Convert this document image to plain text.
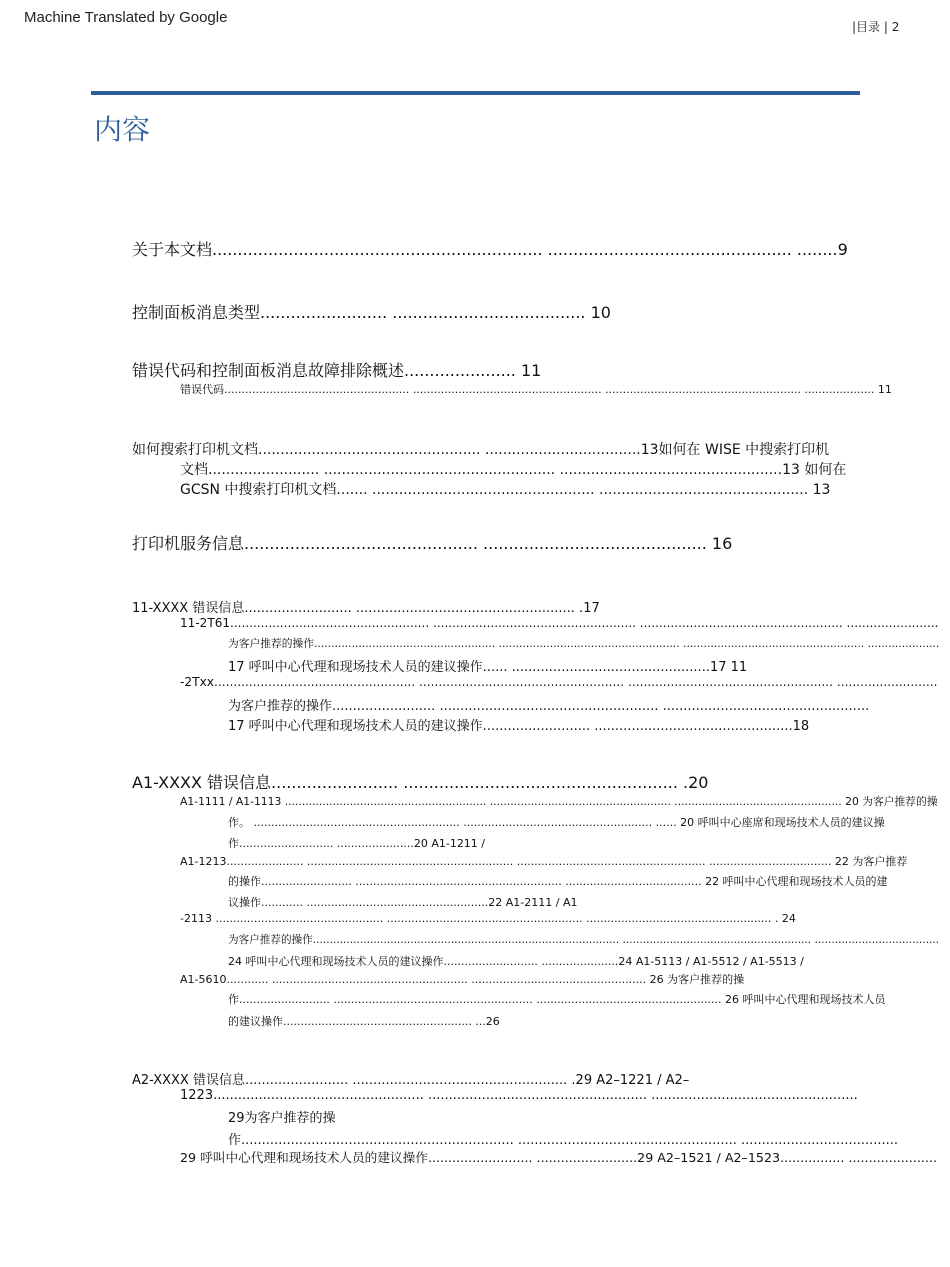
Machine Translated by Google
|目录 | 2
内容
关于本文档................................................................. ................................................ ........9
控制面板消息类型......................... ...................................... 10
错误代码和控制面板消息故障排除概述...................... 11
错误代码..................................................... ...................................................... ........................................................ .................... 11
如何搜索打印机文档.................................................. ...................................13如何在 WISE 中搜索打印机
文档......................... .................................................... ..................................................13 如何在
GCSN 中搜索打印机文档....... .................................................. ............................................... 13
打印机服务信息.............................................. ............................................ 16
11-XXXX 错误信息.......................... ..................................................... .17
11-2T61.................................................... ..................................................... ..................................................... ........................
为客户推荐的操作..................................................... ..................................................... ..................................................... .....................
17 呼叫中心代理和现场技术人员的建议操作...... ................................................17 11
-2Txx.................................................... ..................................................... ..................................................... ..........................
为客户推荐的操作......................... ..................................................... ..................................................
17 呼叫中心代理和现场技术人员的建议操作.......................... ................................................18
A1-XXXX 错误信息......................... ...................................................... .20
A1-1111 / A1-1113 ........................................................... ..................................................... ................................................. 20 为客户推荐的操
作。 ........................................................... ...................................................... ...... 20 呼叫中心座席和现场技术人员的建议操
作........................... ......................20 A1-1211 /
A1-1213...................... ........................................................... ...................................................... ................................... 22 为客户推荐
的操作.......................... ........................................................... ....................................... 22 呼叫中心代理和现场技术人员的建
议操作............ ....................................................22 A1-2111 / A1
-2113 ................................................ ........................................................ ..................................................... . 24
为客户推荐的操作........................................................................................... ........................................................ .....................................
24 呼叫中心代理和现场技术人员的建议操作........................... ......................24 A1-5113 / A1-5512 / A1-5513 /
A1-5610............ ........................................................ .................................................. 26 为客户推荐的操
作.......................... ......................................................... ..................................................... 26 呼叫中心代理和现场技术人员
的建议操作...................................................... ...26
A2-XXXX 错误信息......................... .................................................... .29 A2–1221 / A2–
1223................................................... ..................................................... ..................................................
29为客户推荐的操
作.................................................................. ..................................................... ......................................
29 呼叫中心代理和现场技术人员的建议操作.......................... .........................29 A2–1521 / A2–1523................ ......................
